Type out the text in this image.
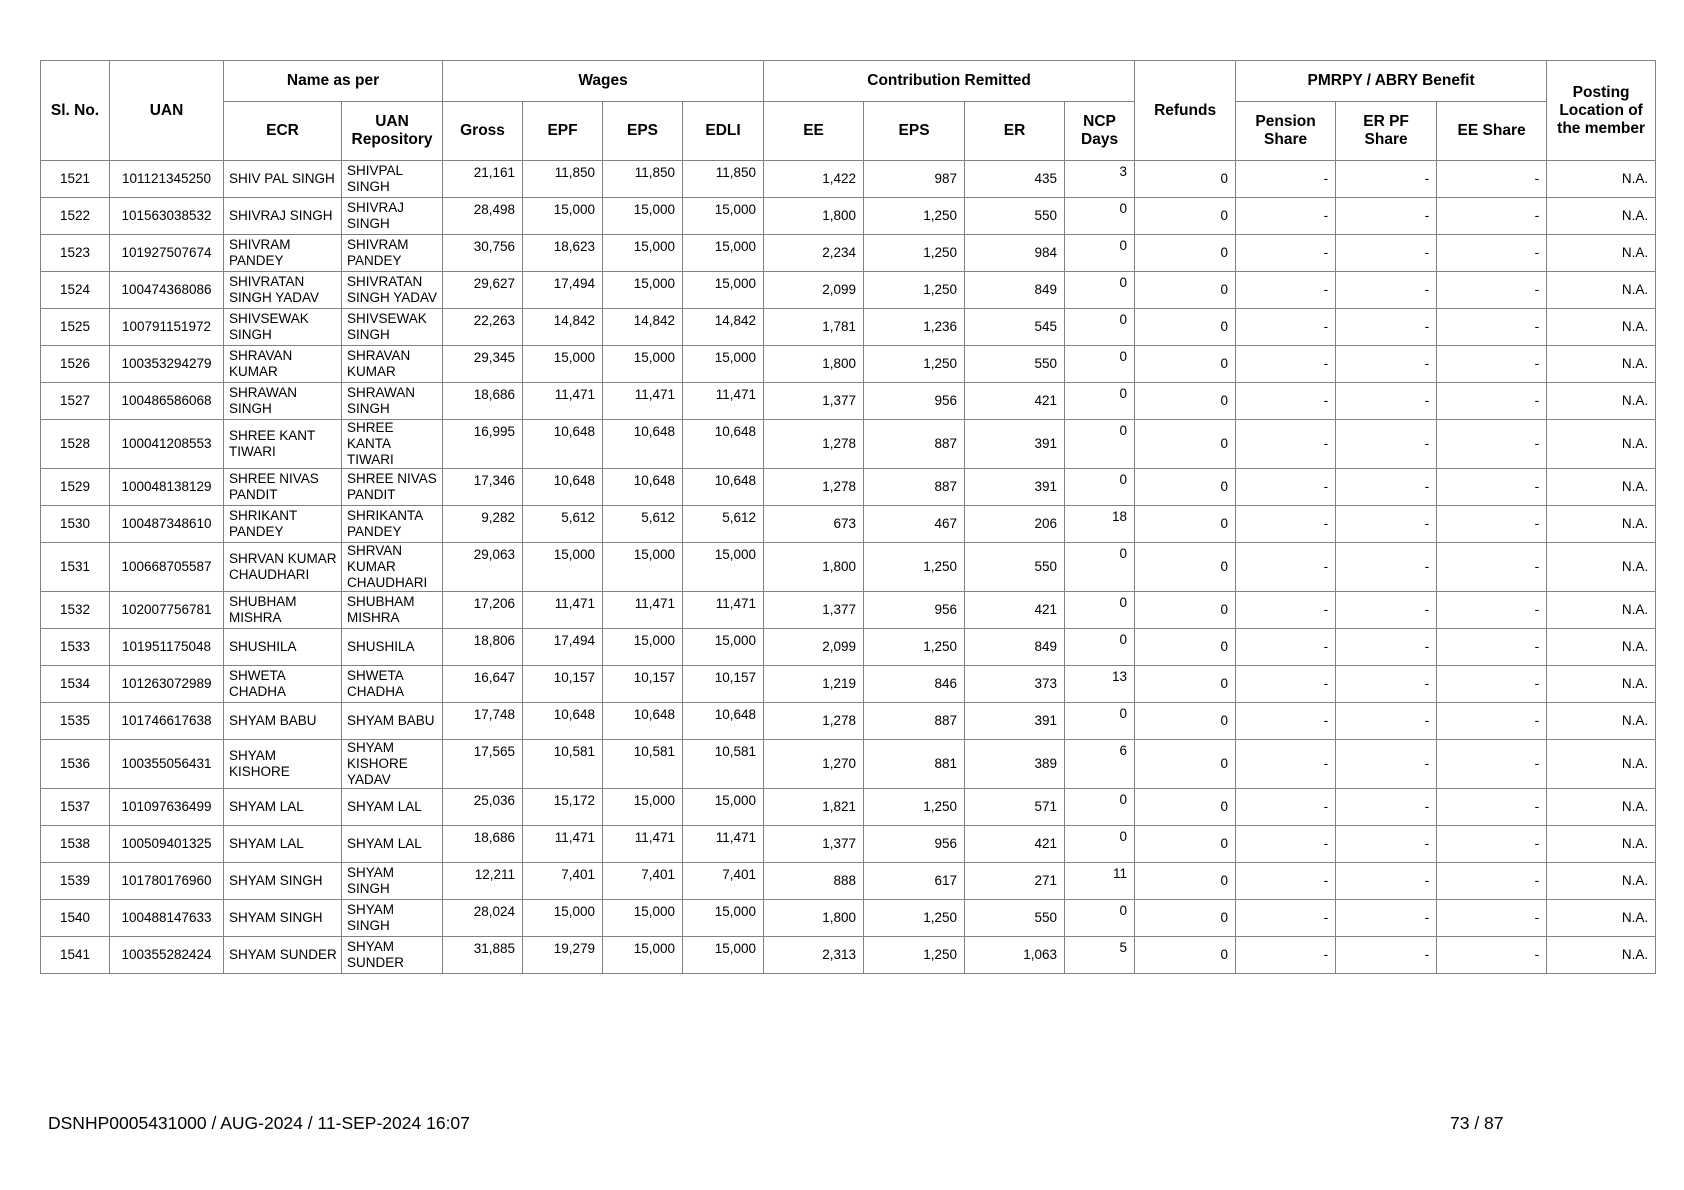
Sl. No.	UAN	Name as per		Wages				Contribution Remitted				Refunds	PMRPY / ABRY Benefit			Posting Location of the member
		ECR	UAN Repository	Gross	EPF	EPS	EDLI	EE	EPS	ER	NCP Days		Pension Share	ER PF Share	EE Share	
1521	101121345250	SHIV PAL SINGH	SHIVPAL SINGH	21,161	11,850	11,850	11,850	1,422	987	435	3	0	-	-	-	N.A.
1522	101563038532	SHIVRAJ SINGH	SHIVRAJ SINGH	28,498	15,000	15,000	15,000	1,800	1,250	550	0	0	-	-	-	N.A.
1523	101927507674	SHIVRAM PANDEY	SHIVRAM PANDEY	30,756	18,623	15,000	15,000	2,234	1,250	984	0	0	-	-	-	N.A.
1524	100474368086	SHIVRATAN SINGH YADAV	SHIVRATAN SINGH YADAV	29,627	17,494	15,000	15,000	2,099	1,250	849	0	0	-	-	-	N.A.
1525	100791151972	SHIVSEWAK SINGH	SHIVSEWAK SINGH	22,263	14,842	14,842	14,842	1,781	1,236	545	0	0	-	-	-	N.A.
1526	100353294279	SHRAVAN KUMAR	SHRAVAN KUMAR	29,345	15,000	15,000	15,000	1,800	1,250	550	0	0	-	-	-	N.A.
1527	100486586068	SHRAWAN SINGH	SHRAWAN SINGH	18,686	11,471	11,471	11,471	1,377	956	421	0	0	-	-	-	N.A.
1528	100041208553	SHREE KANT TIWARI	SHREE KANTA TIWARI	16,995	10,648	10,648	10,648	1,278	887	391	0	0	-	-	-	N.A.
1529	100048138129	SHREE NIVAS PANDIT	SHREE NIVAS PANDIT	17,346	10,648	10,648	10,648	1,278	887	391	0	0	-	-	-	N.A.
1530	100487348610	SHRIKANT PANDEY	SHRIKANTA PANDEY	9,282	5,612	5,612	5,612	673	467	206	18	0	-	-	-	N.A.
1531	100668705587	SHRVAN KUMAR CHAUDHARI	SHRVAN KUMAR CHAUDHARI	29,063	15,000	15,000	15,000	1,800	1,250	550	0	0	-	-	-	N.A.
1532	102007756781	SHUBHAM MISHRA	SHUBHAM MISHRA	17,206	11,471	11,471	11,471	1,377	956	421	0	0	-	-	-	N.A.
1533	101951175048	SHUSHILA	SHUSHILA	18,806	17,494	15,000	15,000	2,099	1,250	849	0	0	-	-	-	N.A.
1534	101263072989	SHWETA CHADHA	SHWETA CHADHA	16,647	10,157	10,157	10,157	1,219	846	373	13	0	-	-	-	N.A.
1535	101746617638	SHYAM BABU	SHYAM BABU	17,748	10,648	10,648	10,648	1,278	887	391	0	0	-	-	-	N.A.
1536	100355056431	SHYAM KISHORE	SHYAM KISHORE YADAV	17,565	10,581	10,581	10,581	1,270	881	389	6	0	-	-	-	N.A.
1537	101097636499	SHYAM LAL	SHYAM LAL	25,036	15,172	15,000	15,000	1,821	1,250	571	0	0	-	-	-	N.A.
1538	100509401325	SHYAM LAL	SHYAM LAL	18,686	11,471	11,471	11,471	1,377	956	421	0	0	-	-	-	N.A.
1539	101780176960	SHYAM SINGH	SHYAM SINGH	12,211	7,401	7,401	7,401	888	617	271	11	0	-	-	-	N.A.
1540	100488147633	SHYAM SINGH	SHYAM SINGH	28,024	15,000	15,000	15,000	1,800	1,250	550	0	0	-	-	-	N.A.
1541	100355282424	SHYAM SUNDER	SHYAM SUNDER	31,885	19,279	15,000	15,000	2,313	1,250	1,063	5	0	-	-	-	N.A.
DSNHP0005431000 / AUG-2024 / 11-SEP-2024 16:07	73 / 87
